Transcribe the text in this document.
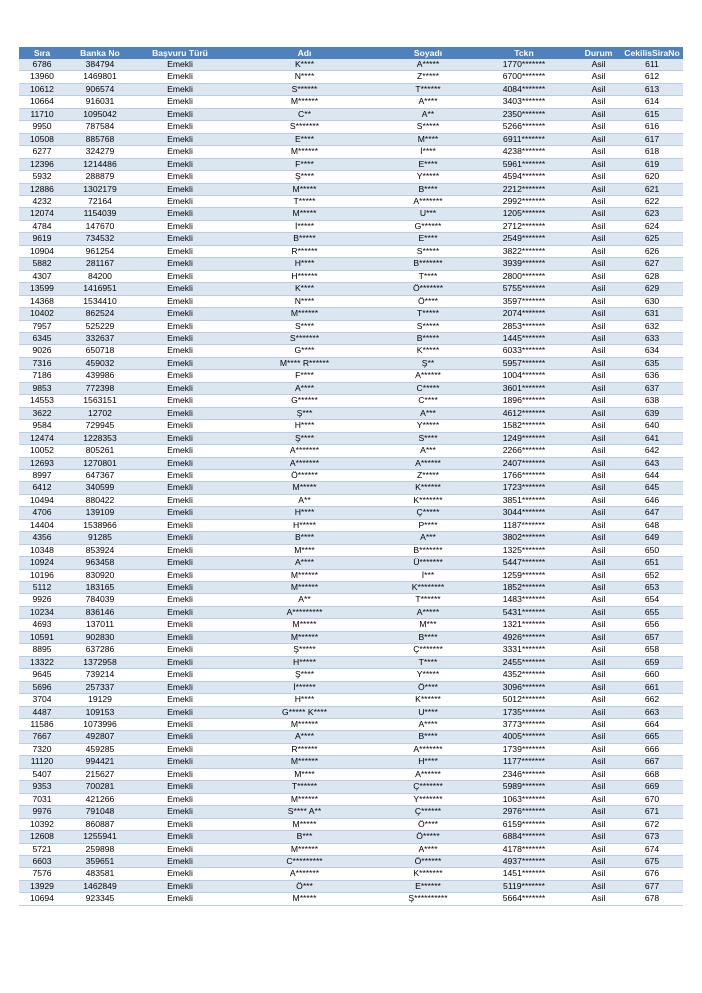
Sıra	Banka No	Başvuru Türü	Adı	Soyadı	Tckn	Durum	CekilisSiraNo
6786	384794	Emekli	K****	A*****	1770*******	Asil	611
13960	1469801	Emekli	N****	Z*****	6700*******	Asil	612
10612	906574	Emekli	S******	T******	4084*******	Asil	613
10664	916031	Emekli	M******	A****	3403*******	Asil	614
11710	1095042	Emekli	C**	A**	2350*******	Asil	615
9950	787584	Emekli	S*******	S*****	5266*******	Asil	616
10508	885768	Emekli	E****	M****	6911*******	Asil	617
6277	324279	Emekli	M******	İ****	4238*******	Asil	618
12396	1214486	Emekli	F****	E****	5961*******	Asil	619
5932	288879	Emekli	Ş****	Y*****	4594*******	Asil	620
12886	1302179	Emekli	M*****	B****	2212*******	Asil	621
4232	72164	Emekli	T*****	A*******	2992*******	Asil	622
12074	1154039	Emekli	M*****	U***	1205*******	Asil	623
4784	147670	Emekli	İ*****	G******	2712*******	Asil	624
9619	734532	Emekli	B*****	E****	2549*******	Asil	625
10904	961254	Emekli	R******	S*****	3822*******	Asil	626
5882	281167	Emekli	H****	B*******	3939*******	Asil	627
4307	84200	Emekli	H******	T****	2800*******	Asil	628
13599	1416951	Emekli	K****	Ö*******	5755*******	Asil	629
14368	1534410	Emekli	N****	Ö****	3597*******	Asil	630
10402	862524	Emekli	M******	T*****	2074*******	Asil	631
7957	525229	Emekli	S****	S*****	2853*******	Asil	632
6345	332637	Emekli	S*******	B*****	1445*******	Asil	633
9026	650718	Emekli	G****	K*****	6033*******	Asil	634
7316	459032	Emekli	M**** R******	Ş**	5957*******	Asil	635
7186	439986	Emekli	F****	A******	1004*******	Asil	636
9853	772398	Emekli	A****	C*****	3601*******	Asil	637
14553	1563151	Emekli	G******	C****	1896*******	Asil	638
3622	12702	Emekli	Ş***	A***	4612*******	Asil	639
9584	729945	Emekli	H****	Y*****	1582*******	Asil	640
12474	1228353	Emekli	Ş****	S****	1249*******	Asil	641
10052	805261	Emekli	A*******	A***	2266*******	Asil	642
12693	1270801	Emekli	A*******	A******	2407*******	Asil	643
8997	647367	Emekli	Ö******	Z*****	1766*******	Asil	644
6412	340599	Emekli	M*****	K******	1723*******	Asil	645
10494	880422	Emekli	A**	K*******	3851*******	Asil	646
4706	139109	Emekli	H****	Ç*****	3044*******	Asil	647
14404	1538966	Emekli	H*****	P****	1187*******	Asil	648
4356	91285	Emekli	B****	A***	3802*******	Asil	649
10348	853924	Emekli	M****	B*******	1325*******	Asil	650
10924	963458	Emekli	A****	Ü*******	5447*******	Asil	651
10196	830920	Emekli	M******	İ***	1259*******	Asil	652
5112	183165	Emekli	M******	K********	1852*******	Asil	653
9926	784039	Emekli	A**	T******	1483*******	Asil	654
10234	836146	Emekli	A*********	A*****	5431*******	Asil	655
4693	137011	Emekli	M*****	M***	1321*******	Asil	656
10591	902830	Emekli	M******	B****	4926*******	Asil	657
8895	637286	Emekli	Ş*****	Ç*******	3331*******	Asil	658
13322	1372958	Emekli	H*****	T****	2455*******	Asil	659
9645	739214	Emekli	Ş****	Y*****	4352*******	Asil	660
5696	257337	Emekli	İ******	Ö****	3096*******	Asil	661
3704	19129	Emekli	H****	K******	5012*******	Asil	662
4487	109153	Emekli	G***** K****	U****	1735*******	Asil	663
11586	1073996	Emekli	M******	A****	3773*******	Asil	664
7667	492807	Emekli	A****	B****	4005*******	Asil	665
7320	459285	Emekli	R******	A*******	1739*******	Asil	666
11120	994421	Emekli	M******	H****	1177*******	Asil	667
5407	215627	Emekli	M****	A******	2346*******	Asil	668
9353	700281	Emekli	T******	Ç*******	5989*******	Asil	669
7031	421266	Emekli	M******	Y*******	1063*******	Asil	670
9976	791048	Emekli	S**** A**	Ç******	2976*******	Asil	671
10392	860887	Emekli	M*****	Ö****	6159*******	Asil	672
12608	1255941	Emekli	B***	Ö*****	6884*******	Asil	673
5721	259898	Emekli	M******	A****	4178*******	Asil	674
6603	359651	Emekli	C*********	Ö******	4937*******	Asil	675
7576	483581	Emekli	A*******	K*******	1451*******	Asil	676
13929	1462849	Emekli	Ö***	E******	5119*******	Asil	677
10694	923345	Emekli	M*****	Ş**********	5664*******	Asil	678
